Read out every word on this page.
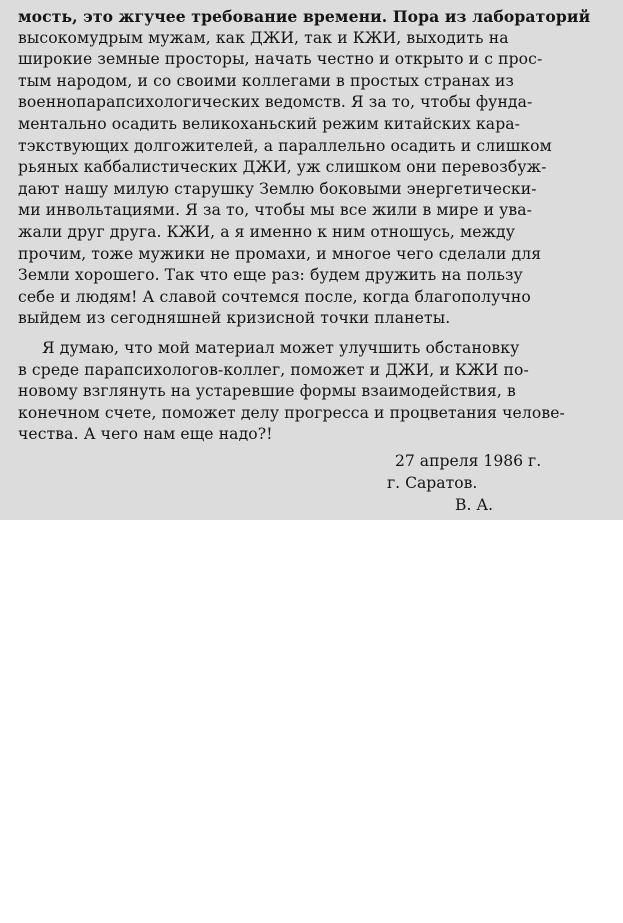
мость, это жгучее требование времени. Пора из лабораторий

высокомудрым мужам, как ДЖИ, так и КЖИ, выходить на

широкие земные просторы, начать честно и открыто и с прос-

тым народом, и со своими коллегами в простых странах из

военнопарапсихологических ведомств. Я за то, чтобы фунда-

ментально осадить великоханьский режим китайских кара-

тэкствующих долгожителей, а параллельно осадить и слишком

рьяных каббалистических ДЖИ, уж слишком они перевозбуж-

дают нашу милую старушку Землю боковыми энергетически-

ми инвольтациями. Я за то, чтобы мы все жили в мире и ува-

жали друг друга. КЖИ, а я именно к ним отношусь, между

прочим, тоже мужики не промахи, и многое чего сделали для

Земли хорошего. Так что еще раз: будем дружить на пользу

себе и людям! А славой сочтемся после, когда благополучно

выйдем из сегодняшней кризисной точки планеты.

Я думаю, что мой материал может улучшить обстановку

в среде парапсихологов-коллег, поможет и ДЖИ, и КЖИ по-

новому взглянуть на устаревшие формы взаимодействия, в

конечном счете, поможет делу прогресса и процветания челове-

чества. А чего нам еще надо?!

27 апреля 1986 г.
г. Саратов.
В. А.
